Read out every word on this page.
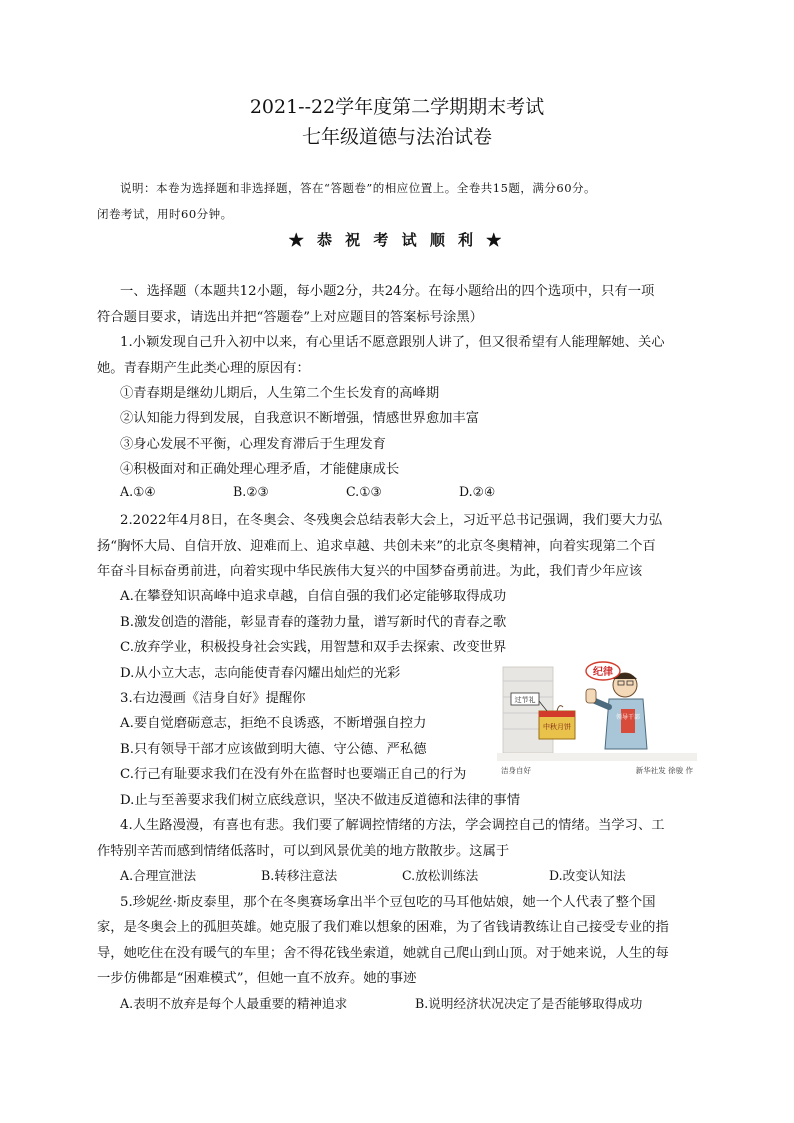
2021--22学年度第二学期期末考试
七年级道德与法治试卷
说明：本卷为选择题和非选择题，答在“答题卷”的相应位置上。全卷共15题，满分60分。
闭卷考试，用时60分钟。
★ 恭 祝 考 试 顺 利 ★
一、选择题（本题共12小题，每小题2分，共24分。在每小题给出的四个选项中，只有一项
符合题目要求，请选出并把“答题卷”上对应题目的答案标号涂黑）
1.小颖发现自己升入初中以来，有心里话不愿意跟别人讲了，但又很希望有人能理解她、关心
她。青春期产生此类心理的原因有：
①青春期是继幼儿期后，人生第二个生长发育的高峰期
②认知能力得到发展，自我意识不断增强，情感世界愈加丰富
③身心发展不平衡，心理发育滞后于生理发育
④积极面对和正确处理心理矛盾，才能健康成长
A.①④	B.②③	C.①③	D.②④
2.2022年4月8日，在冬奥会、冬残奥会总结表彰大会上，习近平总书记强调，我们要大力弘
扬“胸怀大局、自信开放、迎难而上、追求卓越、共创未来”的北京冬奥精神，向着实现第二个百
年奋斗目标奋勇前进，向着实现中华民族伟大复兴的中国梦奋勇前进。为此，我们青少年应该
A.在攀登知识高峰中追求卓越，自信自强的我们必定能够取得成功
B.激发创造的潜能，彰显青春的蓬勃力量，谱写新时代的青春之歌
C.放弃学业，积极投身社会实践，用智慧和双手去探索、改变世界
D.从小立大志，志向能使青春闪耀出灿烂的光彩
3.右边漫画《洁身自好》提醒你
A.要自觉磨砺意志，拒绝不良诱惑，不断增强自控力
B.只有领导干部才应该做到明大德、守公德、严私德
C.行己有耻要求我们在没有外在监督时也要端正自己的行为
D.止与至善要求我们树立底线意识，坚决不做违反道德和法律的事情
领导干部
纪律
中秋月饼
过节礼
洁身自好	新华社发 徐骏 作
4.人生路漫漫，有喜也有悲。我们要了解调控情绪的方法，学会调控自己的情绪。当学习、工
作特别辛苦而感到情绪低落时，可以到风景优美的地方散散步。这属于
A.合理宣泄法	B.转移注意法	C.放松训练法	D.改变认知法
5.珍妮丝·斯皮泰里，那个在冬奥赛场拿出半个豆包吃的马耳他姑娘，她一个人代表了整个国
家，是冬奥会上的孤胆英雄。她克服了我们难以想象的困难，为了省钱请教练让自己接受专业的指
导，她吃住在没有暖气的车里；舍不得花钱坐索道，她就自己爬山到山顶。对于她来说，人生的每
一步仿佛都是“困难模式”，但她一直不放弃。她的事迹
A.表明不放弃是每个人最重要的精神追求	B.说明经济状况决定了是否能够取得成功
